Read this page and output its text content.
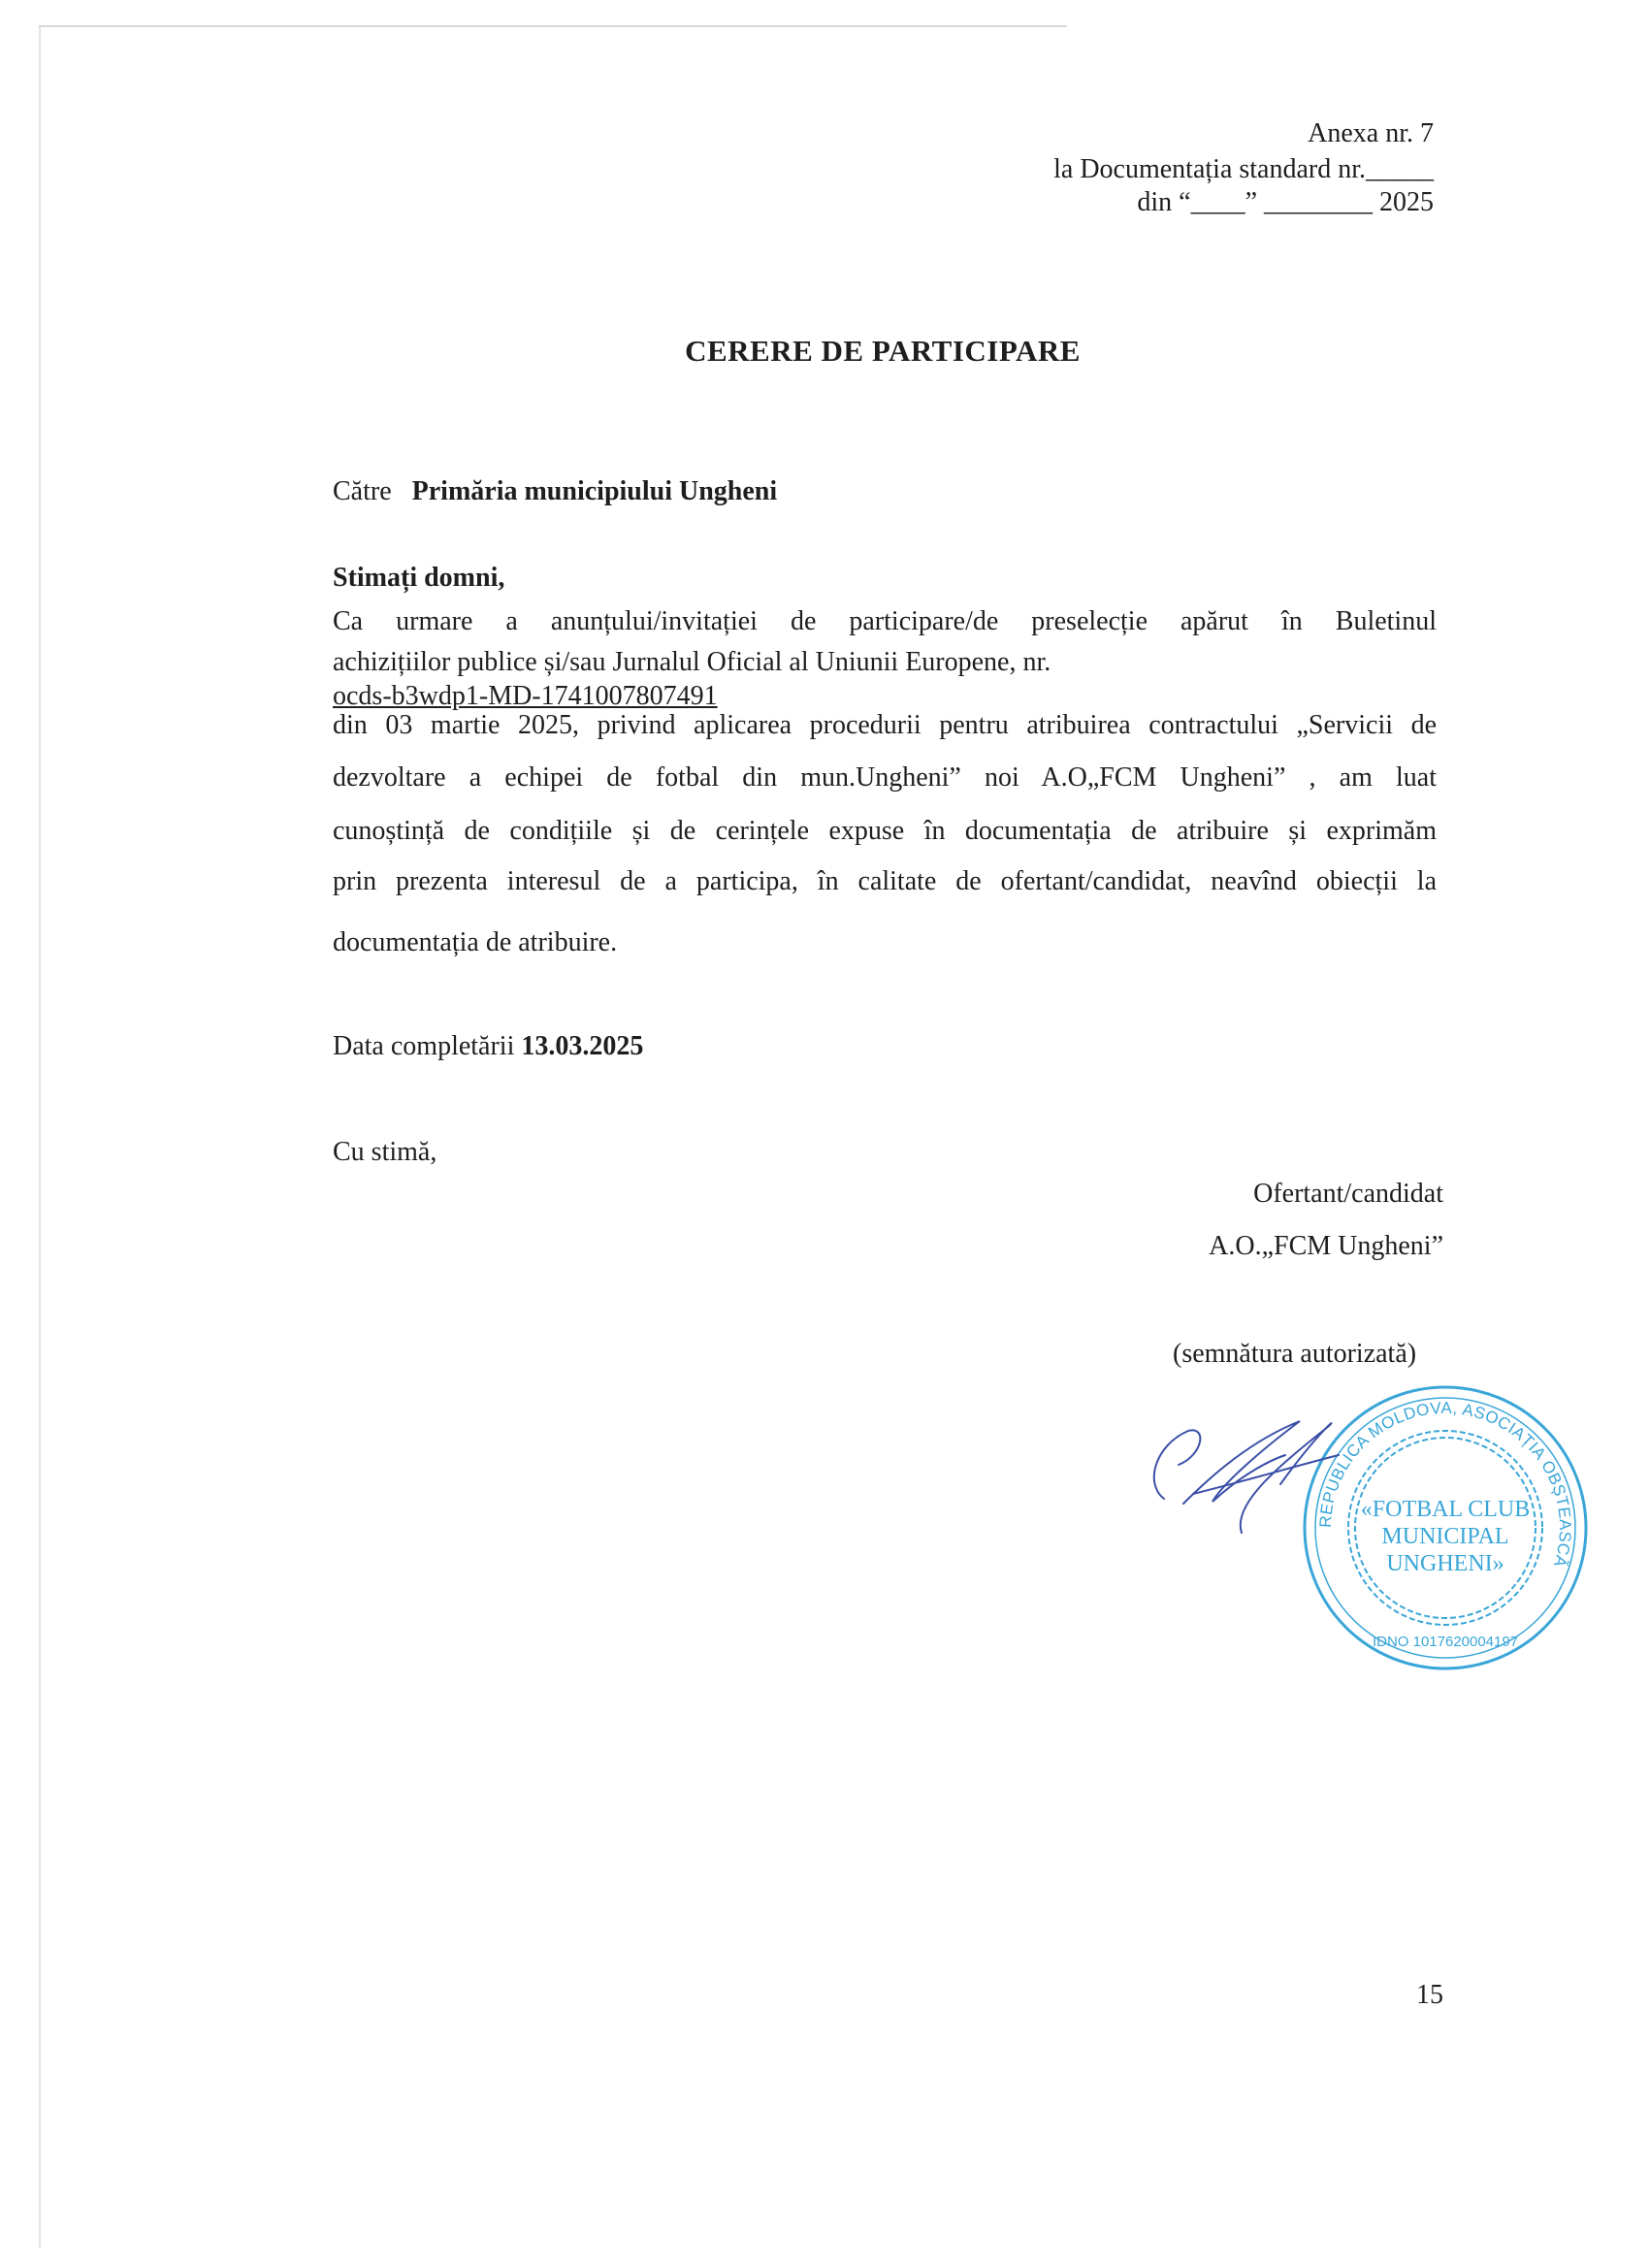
Anexa nr. 7
la Documentația standard nr._____
din “____” ________ 2025
CERERE DE PARTICIPARE
Către Primăria municipiului Ungheni
Stimați domni,
Ca urmare a anunțului/invitației de participare/de preselecție apărut în Buletinul
achizițiilor publice și/sau Jurnalul Oficial al Uniunii Europene, nr.
ocds-b3wdp1-MD-1741007807491
din 03 martie 2025, privind aplicarea procedurii pentru atribuirea contractului „Servicii de
dezvoltare a echipei de fotbal din mun.Ungheni” noi A.O„FCM Ungheni” , am luat
cunoștință de condițiile și de cerințele expuse în documentația de atribuire și exprimăm
prin prezenta interesul de a participa, în calitate de ofertant/candidat, neavînd obiecții la
documentația de atribuire.
Data completării 13.03.2025
Cu stimă,
Ofertant/candidat
A.O.„FCM Ungheni”
(semnătura autorizată)
REPUBLICA MOLDOVA, ASOCIAȚIA OBȘTEASCĂ
«FOTBAL CLUB
MUNICIPAL
UNGHENI»
IDNO 1017620004197
15
